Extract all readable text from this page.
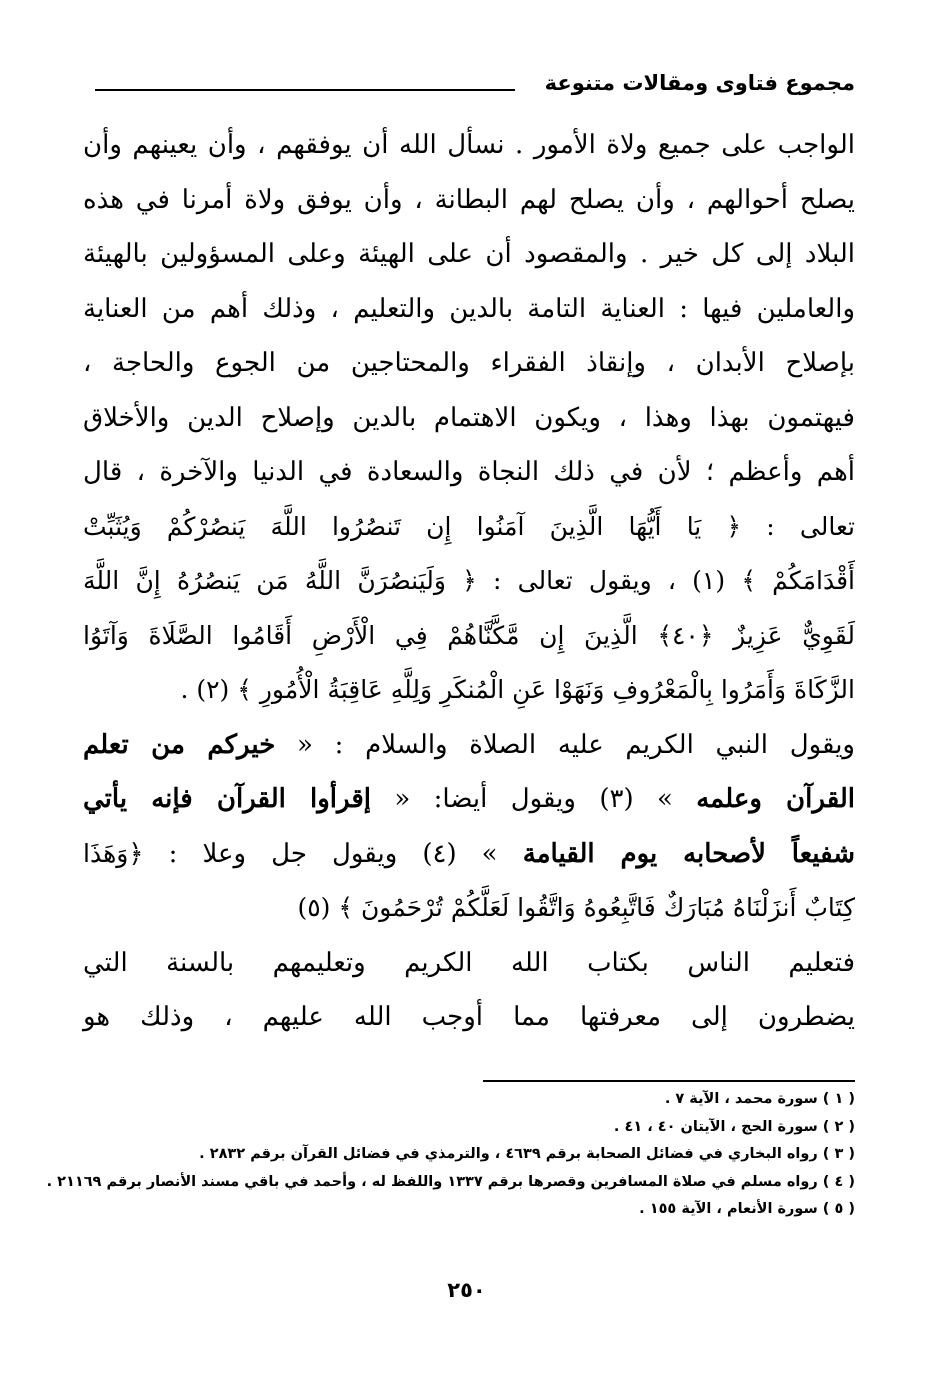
مجموع فتاوى ومقالات متنوعة
الواجب على جميع ولاة الأمور . نسأل الله أن يوفقهم ، وأن يعينهم وأن
يصلح أحوالهم ، وأن يصلح لهم البطانة ، وأن يوفق ولاة أمرنا في هذه
البلاد إلى كل خير . والمقصود أن على الهيئة وعلى المسؤولين بالهيئة
والعاملين فيها : العناية التامة بالدين والتعليم ، وذلك أهم من العناية
بإصلاح الأبدان ، وإنقاذ الفقراء والمحتاجين من الجوع والحاجة ،
فيهتمون بهذا وهذا ، ويكون الاهتمام بالدين وإصلاح الدين والأخلاق
أهم وأعظم ؛ لأن في ذلك النجاة والسعادة في الدنيا والآخرة ، قال
تعالى : ﴿ يَا أَيُّهَا الَّذِينَ آمَنُوا إِن تَنصُرُوا اللَّهَ يَنصُرْكُمْ وَيُثَبِّتْ
أَقْدَامَكُمْ ﴾ (١) ، ويقول تعالى : ﴿ وَلَيَنصُرَنَّ اللَّهُ مَن يَنصُرُهُ إِنَّ اللَّهَ
لَقَوِيٌّ عَزِيزٌ ﴿٤٠﴾ الَّذِينَ إِن مَّكَّنَّاهُمْ فِي الْأَرْضِ أَقَامُوا الصَّلَاةَ وَآتَوُا
الزَّكَاةَ وَأَمَرُوا بِالْمَعْرُوفِ وَنَهَوْا عَنِ الْمُنكَرِ وَلِلَّهِ عَاقِبَةُ الْأُمُورِ ﴾ (٢) .
ويقول النبي الكريم عليه الصلاة والسلام : « خيركم من تعلم
القرآن وعلمه » (٣) ويقول أيضا: « إقرأوا القرآن فإنه يأتي
شفيعاً لأصحابه يوم القيامة » (٤) ويقول جل وعلا : ﴿وَهَذَا
كِتَابٌ أَنزَلْنَاهُ مُبَارَكٌ فَاتَّبِعُوهُ وَاتَّقُوا لَعَلَّكُمْ تُرْحَمُونَ ﴾ (٥)
فتعليم الناس بكتاب الله الكريم وتعليمهم بالسنة التي
يضطرون إلى معرفتها مما أوجب الله عليهم ، وذلك هو
( ١ ) سورة محمد ، الآية ٧ .
( ٢ ) سورة الحج ، الآيتان ٤٠ ، ٤١ .
( ٣ ) رواه البخاري في فضائل الصحابة برقم ٤٦٣٩ ، والترمذي في فضائل القرآن برقم ٢٨٣٢ .
( ٤ ) رواه مسلم في صلاة المسافرين وقصرها برقم ١٣٣٧ واللفظ له ، وأحمد في باقي مسند الأنصار برقم ٢١١٦٩ .
( ٥ ) سورة الأنعام ، الآية ١٥٥ .
٢٥٠
